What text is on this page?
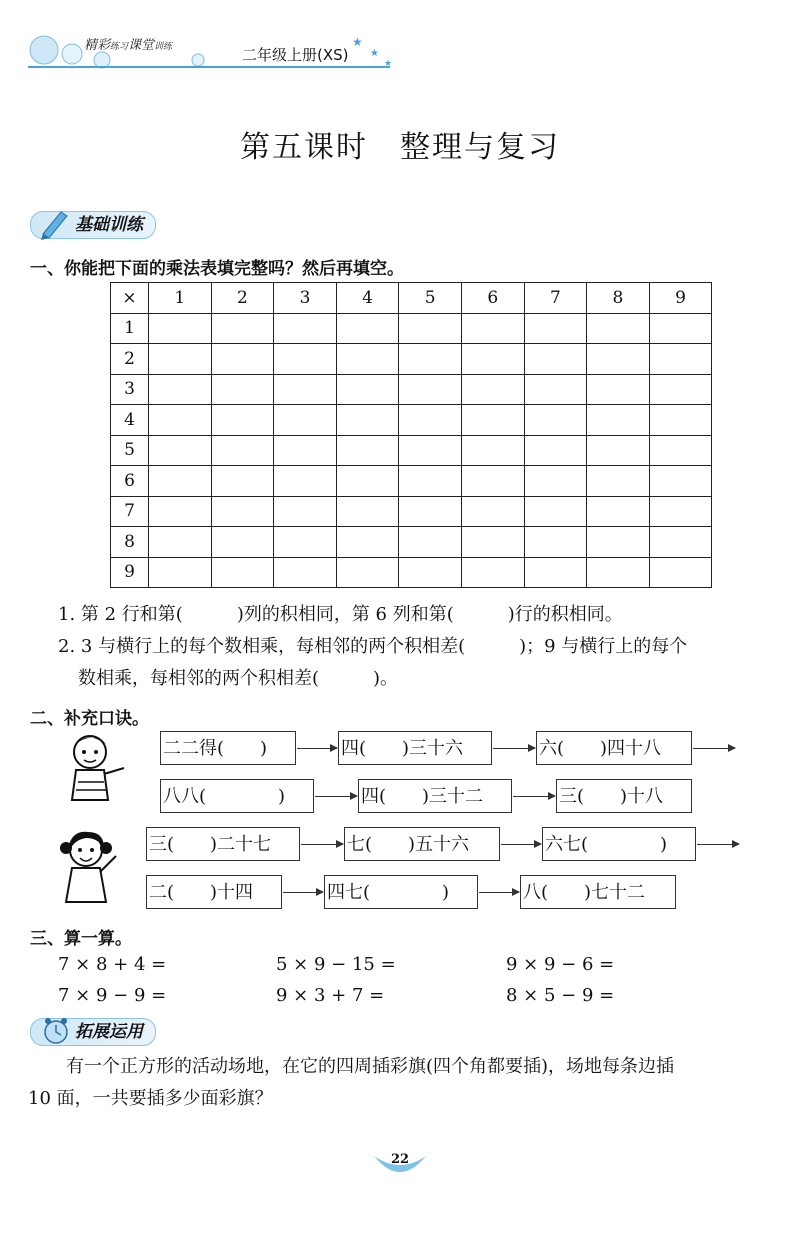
精彩练习课堂训练	二年级上册(XS)
★
★
★
第五课时　整理与复习
基础训练
一、你能把下面的乘法表填完整吗？然后再填空。
×	1	2	3	4	5	6	7	8	9
1									
2									
3									
4									
5									
6									
7									
8									
9									
1. 第 2 行和第(　　　)列的积相同，第 6 列和第(　　　)行的积相同。
2. 3 与横行上的每个数相乘，每相邻的两个积相差(　　　)；9 与横行上的每个
数相乘，每相邻的两个积相差(　　　)。
二、补充口诀。
二二得(　　)	四(　　)三十六	六(　　)四十八
八八(　　　　)	四(　　)三十二	三(　　)十八
三(　　)二十七	七(　　)五十六	六七(　　　　)
二(　　)十四	四七(　　　　)	八(　　)七十二
三、算一算。
7 × 8 + 4 =	5 × 9 − 15 =	9 × 9 − 6 =
7 × 9 − 9 =	9 × 3 + 7 =	8 × 5 − 9 =
拓展运用
有一个正方形的活动场地，在它的四周插彩旗(四个角都要插)，场地每条边插
10 面，一共要插多少面彩旗？
22
